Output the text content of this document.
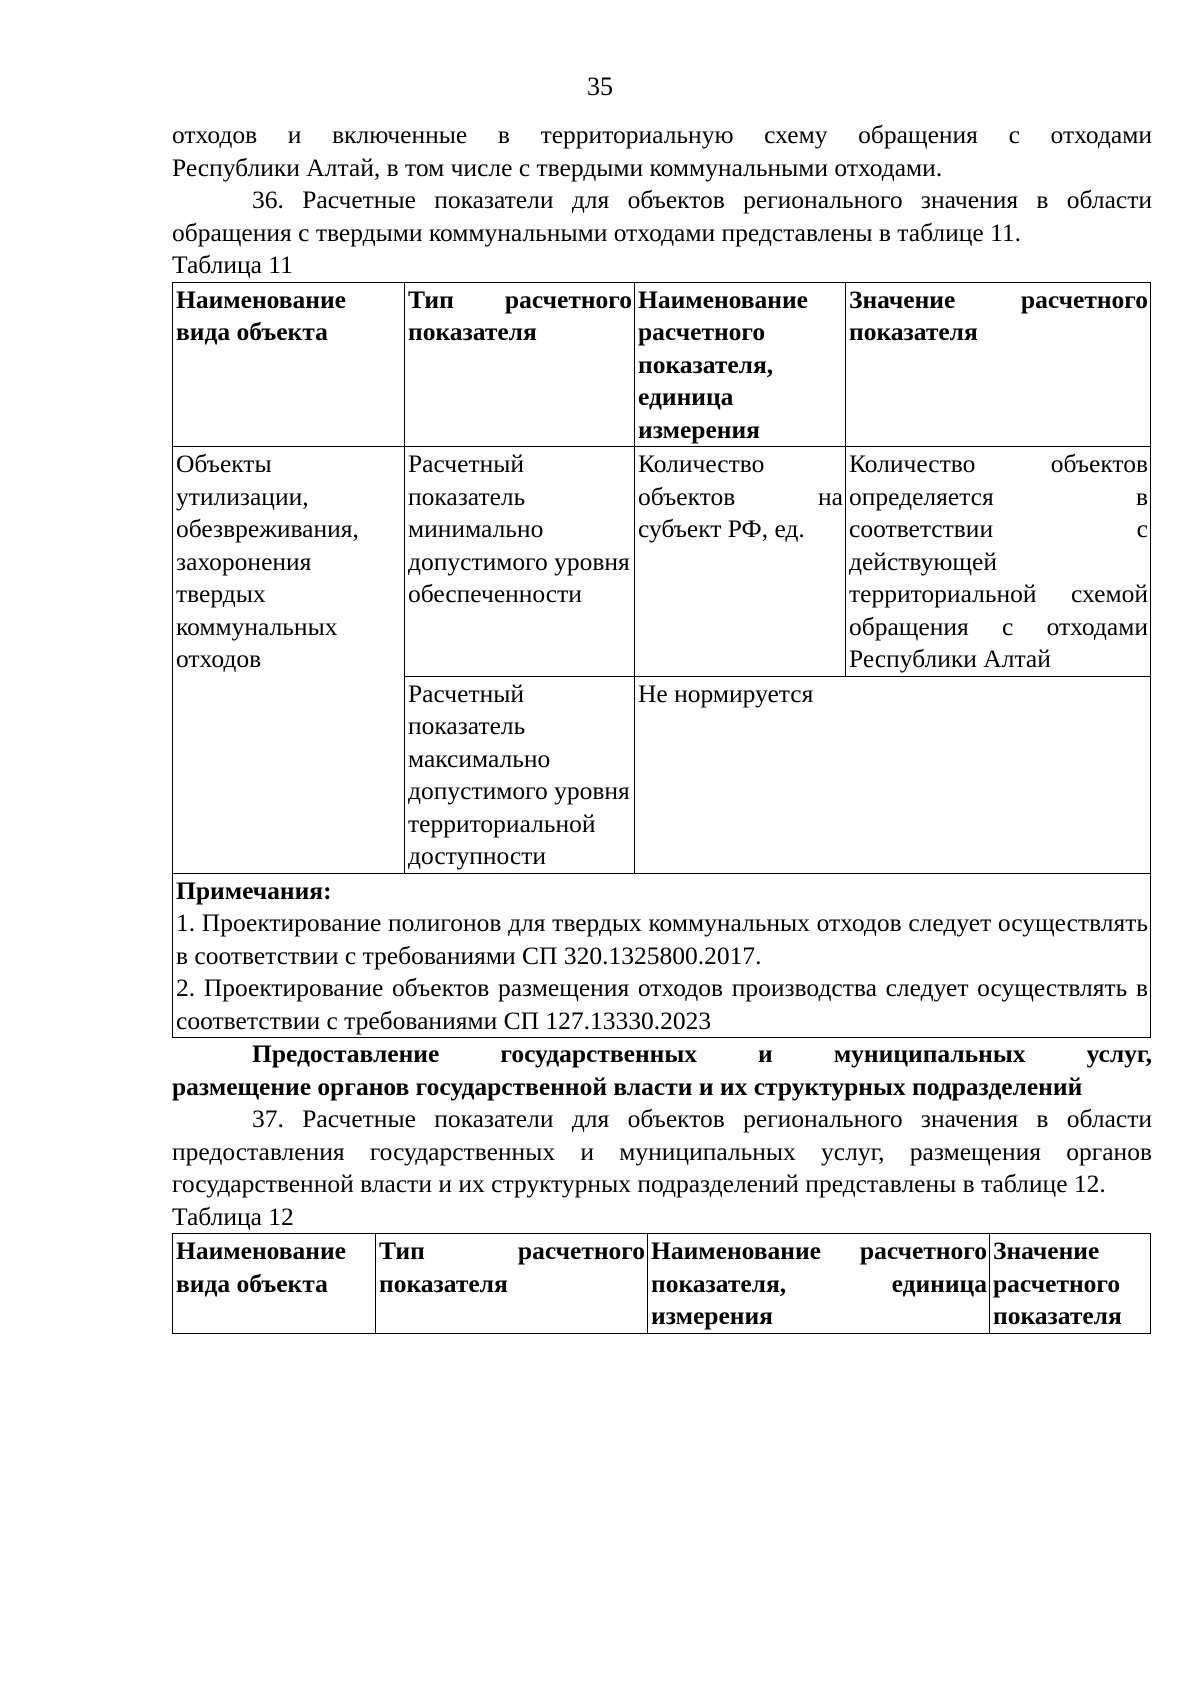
35

отходов и включенные в территориальную схему обращения с отходами

Республики Алтай, в том числе с твердыми коммунальными отходами.

36. Расчетные показатели для объектов регионального значения в области

обращения с твердыми коммунальными отходами представлены в таблице 11.

Таблица 11
Наименование вида объекта	Тип расчетного показателя	Наименование расчетного показателя, единица измерения	Значение расчетного показателя
Объекты утилизации, обезвреживания, захоронения твердых коммунальных отходов	Расчетный показатель минимально допустимого уровня обеспеченности	Количество объектов на субъект РФ, ед.	Количество объектов определяется в соответствии с действующей территориальной схемой обращения с отходами Республики Алтай
	Расчетный показатель максимально допустимого уровня территориальной доступности	Не нормируется	

Примечания:
1. Проектирование полигонов для твердых коммунальных отходов следует осуществлять в соответствии с требованиями СП 320.1325800.2017.
2. Проектирование объектов размещения отходов производства следует осуществлять в соответствии с требованиями СП 127.13330.2023			
Предоставление государственных и муниципальных услуг,
размещение органов государственной власти и их структурных подразделений

37. Расчетные показатели для объектов регионального значения в области предоставления государственных и муниципальных услуг, размещения органов государственной власти и их структурных подразделений представлены в таблице 12.

Таблица 12
Наименование вида объекта	Тип расчетного показателя	Наименование расчетного показателя, единица измерения	Значение расчетного показателя
